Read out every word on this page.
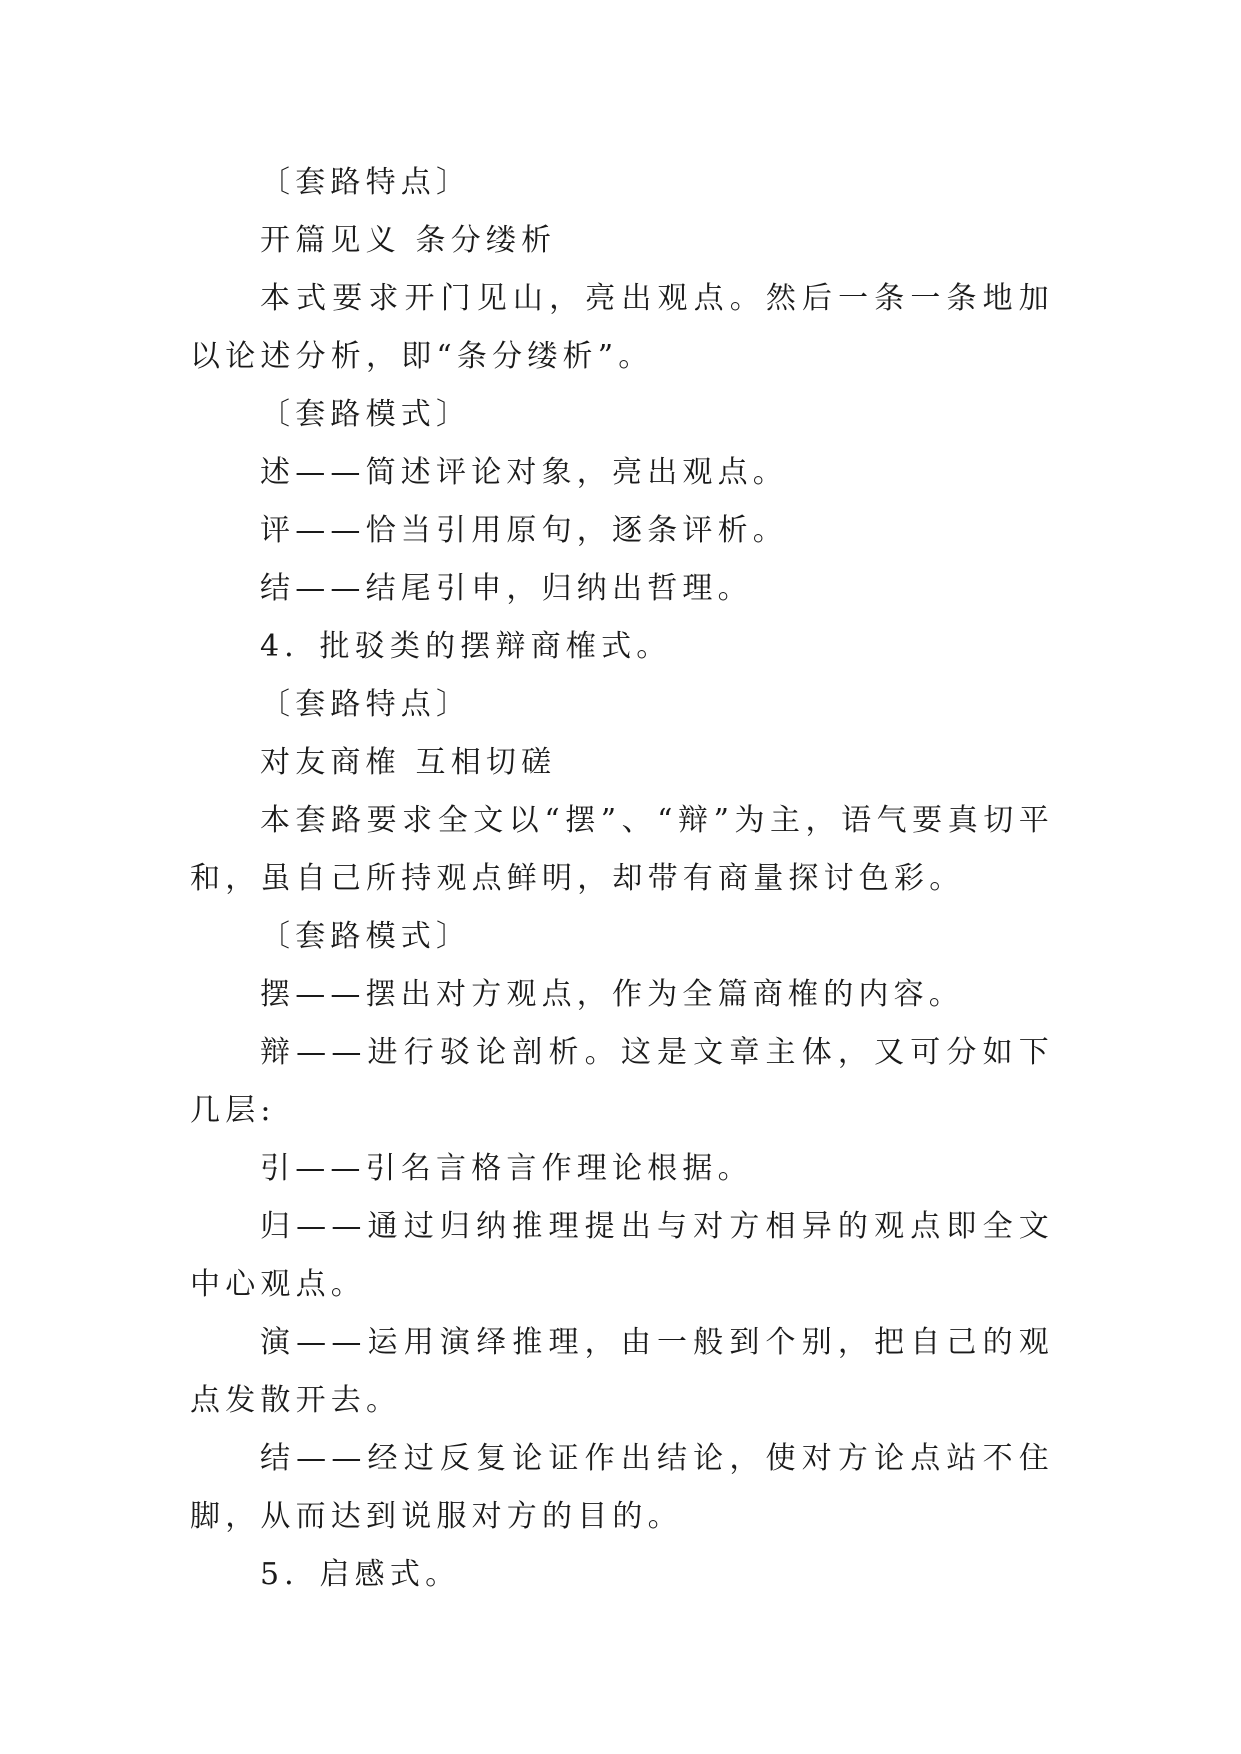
〔套路特点〕

开篇见义 条分缕析

本式要求开门见山，亮出观点。然后一条一条地加以论述分析，即“条分缕析”。

〔套路模式〕

述——简述评论对象，亮出观点。

评——恰当引用原句，逐条评析。

结——结尾引申，归纳出哲理。

4．批驳类的摆辩商榷式。

〔套路特点〕

对友商榷 互相切磋

本套路要求全文以“摆”、“辩”为主，语气要真切平和，虽自己所持观点鲜明，却带有商量探讨色彩。

〔套路模式〕

摆——摆出对方观点，作为全篇商榷的内容。

辩——进行驳论剖析。这是文章主体，又可分如下几层:

引——引名言格言作理论根据。

归——通过归纳推理提出与对方相异的观点即全文中心观点。

演——运用演绎推理，由一般到个别，把自己的观点发散开去。

结——经过反复论证作出结论，使对方论点站不住脚，从而达到说服对方的目的。

5．启感式。
